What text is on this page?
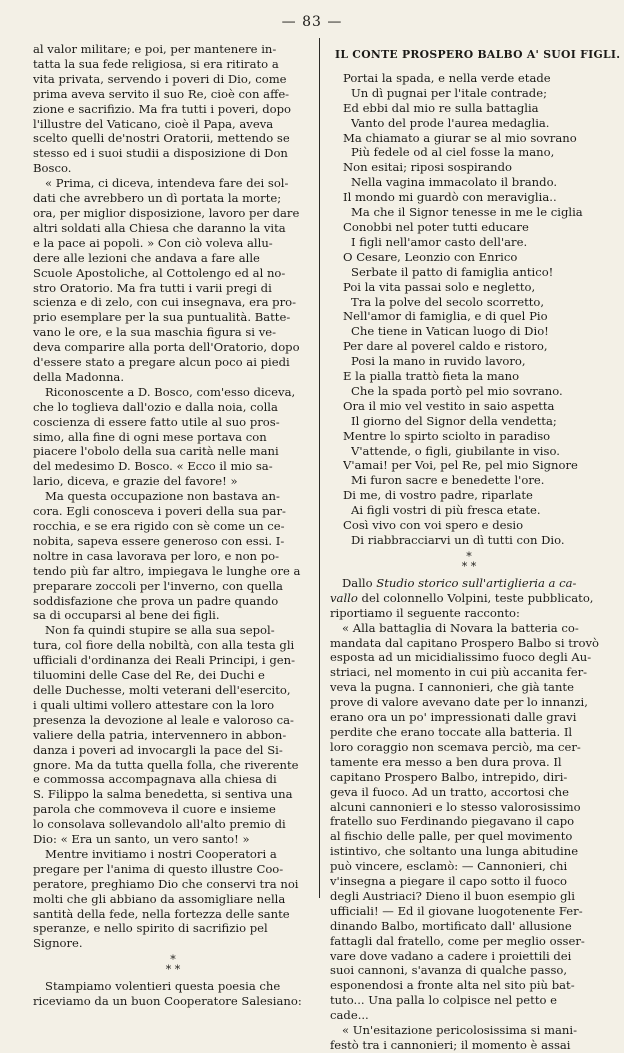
— 83 —
al valor militare; e poi, per mantenere in-
tatta la sua fede religiosa, si era ritirato a
vita privata, servendo i poveri di Dio, come
prima aveva servito il suo Re, cioè con affe-
zione e sacrifizio. Ma fra tutti i poveri, dopo
l'illustre del Vaticano, cioè il Papa, aveva
scelto quelli de'nostri Oratorii, mettendo se
stesso ed i suoi studii a disposizione di Don
Bosco.
« Prima, ci diceva, intendeva fare dei sol-
dati che avrebbero un dì portata la morte;
ora, per miglior disposizione, lavoro per dare
altri soldati alla Chiesa che daranno la vita
e la pace ai popoli. » Con ciò voleva allu-
dere alle lezioni che andava a fare alle
Scuole Apostoliche, al Cottolengo ed al no-
stro Oratorio. Ma fra tutti i varii pregi di
scienza e di zelo, con cui insegnava, era pro-
prio esemplare per la sua puntualità. Batte-
vano le ore, e la sua maschia figura si ve-
deva comparire alla porta dell'Oratorio, dopo
d'essere stato a pregare alcun poco ai piedi
della Madonna.
Riconoscente a D. Bosco, com'esso diceva,
che lo toglieva dall'ozio e dalla noia, colla
coscienza di essere fatto utile al suo pros-
simo, alla fine di ogni mese portava con
piacere l'obolo della sua carità nelle mani
del medesimo D. Bosco. « Ecco il mio sa-
lario, diceva, e grazie del favore! »
Ma questa occupazione non bastava an-
cora. Egli conosceva i poveri della sua par-
rocchia, e se era rigido con sè come un ce-
nobita, sapeva essere generoso con essi. I-
noltre in casa lavorava per loro, e non po-
tendo più far altro, impiegava le lunghe ore a
preparare zoccoli per l'inverno, con quella
soddisfazione che prova un padre quando
sa di occuparsi al bene dei figli.
Non fa quindi stupire se alla sua sepol-
tura, col fiore della nobiltà, con alla testa gli
ufficiali d'ordinanza dei Reali Principi, i gen-
tiluomini delle Case del Re, dei Duchi e
delle Duchesse, molti veterani dell'esercito,
i quali ultimi vollero attestare con la loro
presenza la devozione al leale e valoroso ca-
valiere della patria, intervennero in abbon-
danza i poveri ad invocargli la pace del Si-
gnore. Ma da tutta quella folla, che riverente
e commossa accompagnava alla chiesa di
S. Filippo la salma benedetta, si sentiva una
parola che commoveva il cuore e insieme
lo consolava sollevandolo all'alto premio di
Dio: « Era un santo, un vero santo! »
Mentre invitiamo i nostri Cooperatori a
pregare per l'anima di questo illustre Coo-
peratore, preghiamo Dio che conservi tra noi
molti che gli abbiano da assomigliare nella
santità della fede, nella fortezza delle sante
speranze, e nello spirito di sacrifizio pel
Signore.
*
* *
Stampiamo volentieri questa poesia che
riceviamo da un buon Cooperatore Salesiano:
IL CONTE PROSPERO BALBO A' SUOI FIGLI.
Portai la spada, e nella verde etade
Un dì pugnai per l'itale contrade;
Ed ebbi dal mio re sulla battaglia
Vanto del prode l'aurea medaglia.
Ma chiamato a giurar se al mio sovrano
Più fedele od al ciel fosse la mano,
Non esitai; riposi sospirando
Nella vagina immacolato il brando.
Il mondo mi guardò con meraviglia..
Ma che il Signor tenesse in me le ciglia
Conobbi nel poter tutti educare
I figli nell'amor casto dell'are.
O Cesare, Leonzio con Enrico
Serbate il patto di famiglia antico!
Poi la vita passai solo e negletto,
Tra la polve del secolo scorretto,
Nell'amor di famiglia, e di quel Pio
Che tiene in Vatican luogo di Dio!
Per dare al poverel caldo e ristoro,
Posi la mano in ruvido lavoro,
E la pialla trattò fieta la mano
Che la spada portò pel mio sovrano.
Ora il mio vel vestito in saio aspetta
Il giorno del Signor della vendetta;
Mentre lo spirto sciolto in paradiso
V'attende, o figli, giubilante in viso.
V'amai! per Voi, pel Re, pel mio Signore
Mi furon sacre e benedette l'ore.
Di me, di vostro padre, riparlate
Ai figli vostri di più fresca etate.
Così vivo con voi spero e desio
Di riabbracciarvi un dì tutti con Dio.
*
* *
Dallo Studio storico sull'artiglieria a ca-
vallo del colonnello Volpini, teste pubblicato,
riportiamo il seguente racconto:
« Alla battaglia di Novara la batteria co-
mandata dal capitano Prospero Balbo si trovò
esposta ad un micidialissimo fuoco degli Au-
striaci, nel momento in cui più accanita fer-
veva la pugna. I cannonieri, che già tante
prove di valore avevano date per lo innanzi,
erano ora un po' impressionati dalle gravi
perdite che erano toccate alla batteria. Il
loro coraggio non scemava perciò, ma cer-
tamente era messo a ben dura prova. Il
capitano Prospero Balbo, intrepido, diri-
geva il fuoco. Ad un tratto, accortosi che
alcuni cannonieri e lo stesso valorosissimo
fratello suo Ferdinando piegavano il capo
al fischio delle palle, per quel movimento
istintivo, che soltanto una lunga abitudine
può vincere, esclamò: — Cannonieri, chi
v'insegna a piegare il capo sotto il fuoco
degli Austriaci? Dieno il buon esempio gli
ufficiali! — Ed il giovane luogotenente Fer-
dinando Balbo, mortificato dall' allusione
fattagli dal fratello, come per meglio osser-
vare dove vadano a cadere i proiettili dei
suoi cannoni, s'avanza di qualche passo,
esponendosi a fronte alta nel sito più bat-
tuto... Una palla lo colpisce nel petto e
cade...
« Un'esitazione pericolosissima si mani-
festò tra i cannonieri; il momento è assai
